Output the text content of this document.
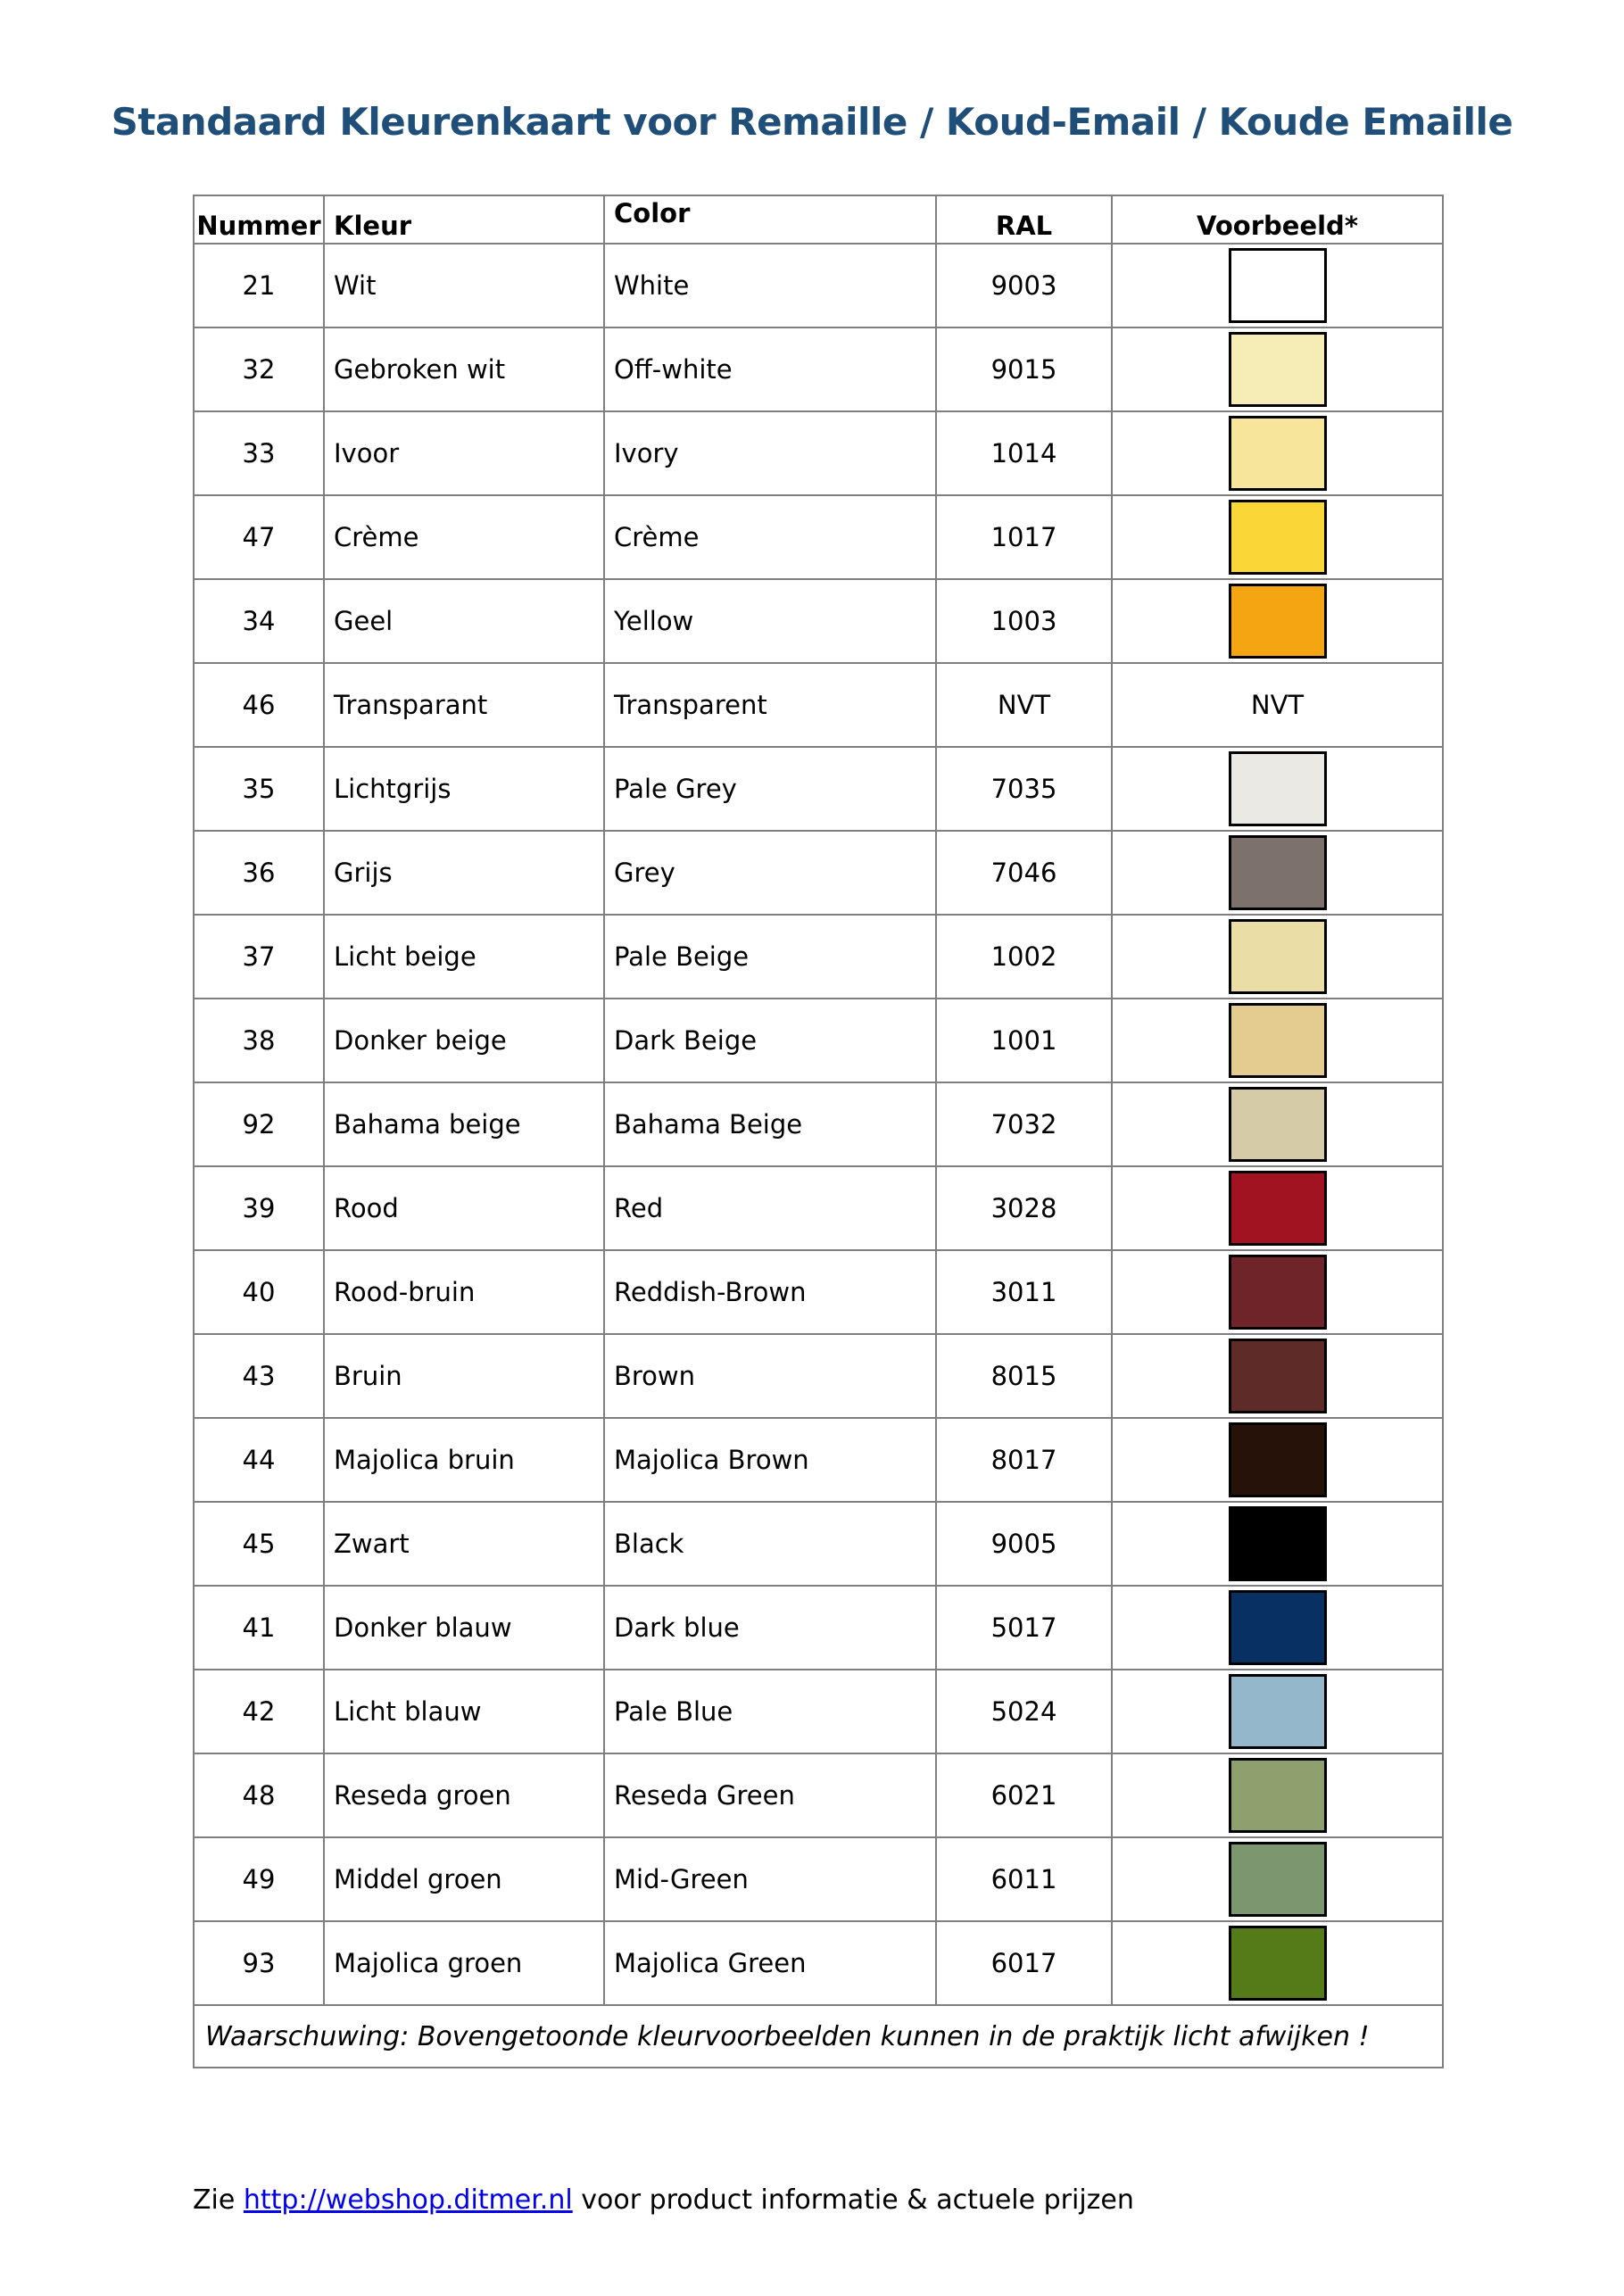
Standaard Kleurenkaart voor Remaille / Koud-Email / Koude Emaille
Nummer	Kleur	Color	RAL	Voorbeeld*
21	Wit	White	9003	
32	Gebroken wit	Off-white	9015	
33	Ivoor	Ivory	1014	
47	Crème	Crème	1017	
34	Geel	Yellow	1003	
46	Transparant	Transparent	NVT	NVT
35	Lichtgrijs	Pale Grey	7035	
36	Grijs	Grey	7046	
37	Licht beige	Pale Beige	1002	
38	Donker beige	Dark Beige	1001	
92	Bahama beige	Bahama Beige	7032	
39	Rood	Red	3028	
40	Rood-bruin	Reddish-Brown	3011	
43	Bruin	Brown	8015	
44	Majolica bruin	Majolica Brown	8017	
45	Zwart	Black	9005	
41	Donker blauw	Dark blue	5017	
42	Licht blauw	Pale Blue	5024	
48	Reseda groen	Reseda Green	6021	
49	Middel groen	Mid-Green	6011	
93	Majolica groen	Majolica Green	6017	
Waarschuwing: Bovengetoonde kleurvoorbeelden kunnen in de praktijk licht afwijken !				
Zie http://webshop.ditmer.nl voor product informatie & actuele prijzen
